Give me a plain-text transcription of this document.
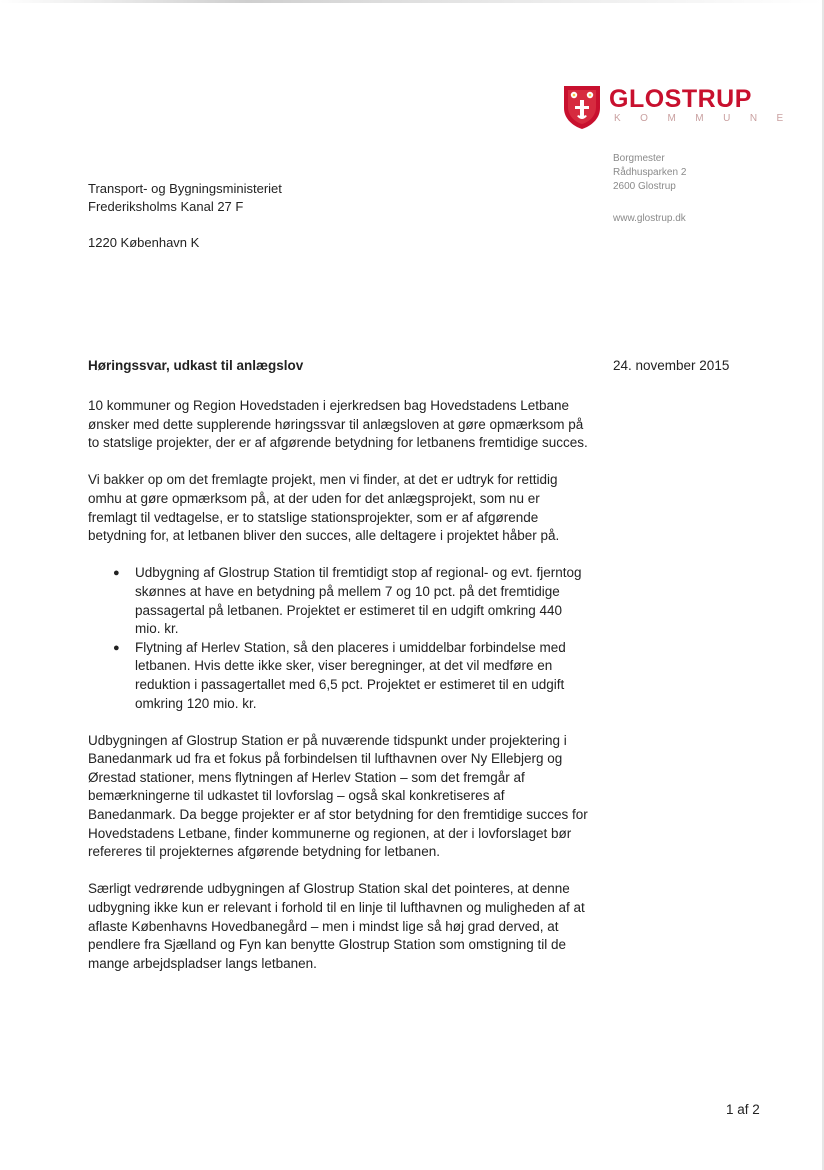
GLOSTRUP
KOMMUNE
Borgmester
Rådhusparken 2
2600 Glostrup
www.glostrup.dk
Transport- og Bygningsministeriet
Frederiksholms Kanal 27 F
1220 København K
Høringssvar, udkast til anlægslov	24. november 2015

10 kommuner og Region Hovedstaden i ejerkredsen bag Hovedstadens Letbane ønsker med dette supplerende høringssvar til anlægsloven at gøre opmærksom på to statslige projekter, der er af afgørende betydning for letbanens fremtidige succes.

Vi bakker op om det fremlagte projekt, men vi finder, at det er udtryk for rettidig omhu at gøre opmærksom på, at der uden for det anlægsprojekt, som nu er fremlagt til vedtagelse, er to statslige stationsprojekter, som er af afgørende betydning for, at letbanen bliver den succes, alle deltagere i projektet håber på.

● Udbygning af Glostrup Station til fremtidigt stop af regional- og evt. fjerntog skønnes at have en betydning på mellem 7 og 10 pct. på det fremtidige passagertal på letbanen. Projektet er estimeret til en udgift omkring 440 mio. kr.
● Flytning af Herlev Station, så den placeres i umiddelbar forbindelse med letbanen. Hvis dette ikke sker, viser beregninger, at det vil medføre en reduktion i passagertallet med 6,5 pct. Projektet er estimeret til en udgift omkring 120 mio. kr.

Udbygningen af Glostrup Station er på nuværende tidspunkt under projektering i Banedanmark ud fra et fokus på forbindelsen til lufthavnen over Ny Ellebjerg og Ørestad stationer, mens flytningen af Herlev Station – som det fremgår af bemærkningerne til udkastet til lovforslag – også skal konkretiseres af Banedanmark. Da begge projekter er af stor betydning for den fremtidige succes for Hovedstadens Letbane, finder kommunerne og regionen, at der i lovforslaget bør refereres til projekternes afgørende betydning for letbanen.

Særligt vedrørende udbygningen af Glostrup Station skal det pointeres, at denne udbygning ikke kun er relevant i forhold til en linje til lufthavnen og muligheden af at aflaste Københavns Hovedbanegård – men i mindst lige så høj grad derved, at pendlere fra Sjælland og Fyn kan benytte Glostrup Station som omstigning til de mange arbejdspladser langs letbanen.

1 af 2
